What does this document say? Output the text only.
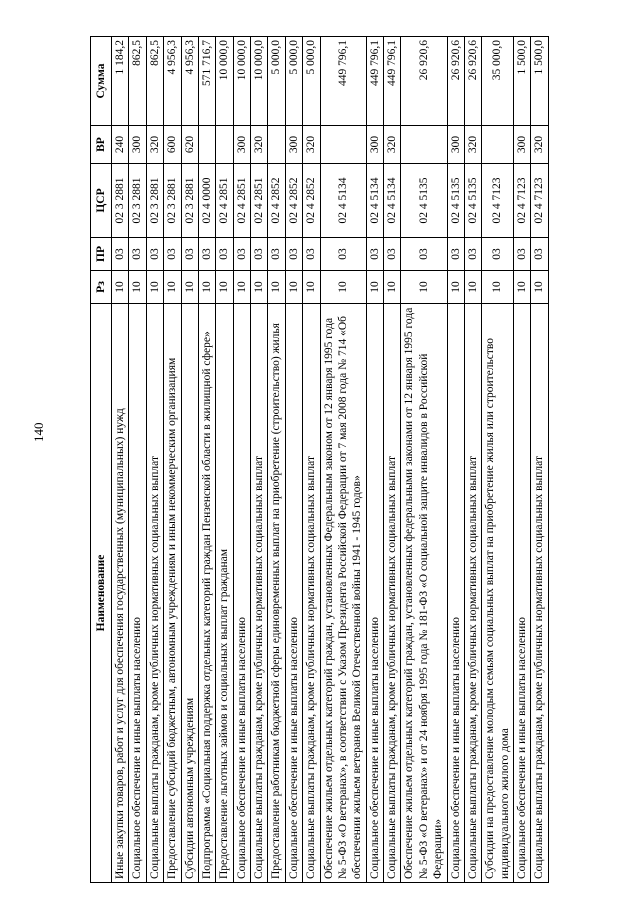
140
Наименование	Рз	ПР	ЦСР	ВР	Сумма
Иные закупки товаров, работ и услуг для обеспечения государственных (муниципальных) нужд	10	03	02 3 2881	240	1 184,2
Социальное обеспечение и иные выплаты населению	10	03	02 3 2881	300	862,5
Социальные выплаты гражданам, кроме публичных нормативных социальных выплат	10	03	02 3 2881	320	862,5
Предоставление субсидий бюджетным, автономным учреждениям и иным некоммерческим организациям	10	03	02 3 2881	600	4 956,3
Субсидии автономным учреждениям	10	03	02 3 2881	620	4 956,3
Подпрограмма «Социальная поддержка отдельных категорий граждан Пензенской области в жилищной сфере»	10	03	02 4 0000		571 716,7
Предоставление льготных займов и социальных выплат гражданам	10	03	02 4 2851		10 000,0
Социальное обеспечение и иные выплаты населению	10	03	02 4 2851	300	10 000,0
Социальные выплаты гражданам, кроме публичных нормативных социальных выплат	10	03	02 4 2851	320	10 000,0
Предоставление работникам бюджетной сферы единовременных выплат на приобретение (строительство) жилья	10	03	02 4 2852		5 000,0
Социальное обеспечение и иные выплаты населению	10	03	02 4 2852	300	5 000,0
Социальные выплаты гражданам, кроме публичных нормативных социальных выплат	10	03	02 4 2852	320	5 000,0
Обеспечение жильем отдельных категорий граждан, установленных Федеральным законом от 12 января 1995 года № 5-ФЗ «О ветеранах», в соответствии с Указом Президента Российской Федерации от 7 мая 2008 года № 714 «Об обеспечении жильем ветеранов Великой Отечественной войны 1941 - 1945 годов»	10	03	02 4 5134		449 796,1
Социальное обеспечение и иные выплаты населению	10	03	02 4 5134	300	449 796,1
Социальные выплаты гражданам, кроме публичных нормативных социальных выплат	10	03	02 4 5134	320	449 796,1
Обеспечение жильем отдельных категорий граждан, установленных федеральными законами от 12 января 1995 года № 5-ФЗ «О ветеранах» и от 24 ноября 1995 года № 181-ФЗ «О социальной защите инвалидов в Российской Федерации»	10	03	02 4 5135		26 920,6
Социальное обеспечение и иные выплаты населению	10	03	02 4 5135	300	26 920,6
Социальные выплаты гражданам, кроме публичных нормативных социальных выплат	10	03	02 4 5135	320	26 920,6
Субсидии на предоставление молодым семьям социальных выплат на приобретение жилья или строительство индивидуального жилого дома	10	03	02 4 7123		35 000,0
Социальное обеспечение и иные выплаты населению	10	03	02 4 7123	300	1 500,0
Социальные выплаты гражданам, кроме публичных нормативных социальных выплат	10	03	02 4 7123	320	1 500,0
